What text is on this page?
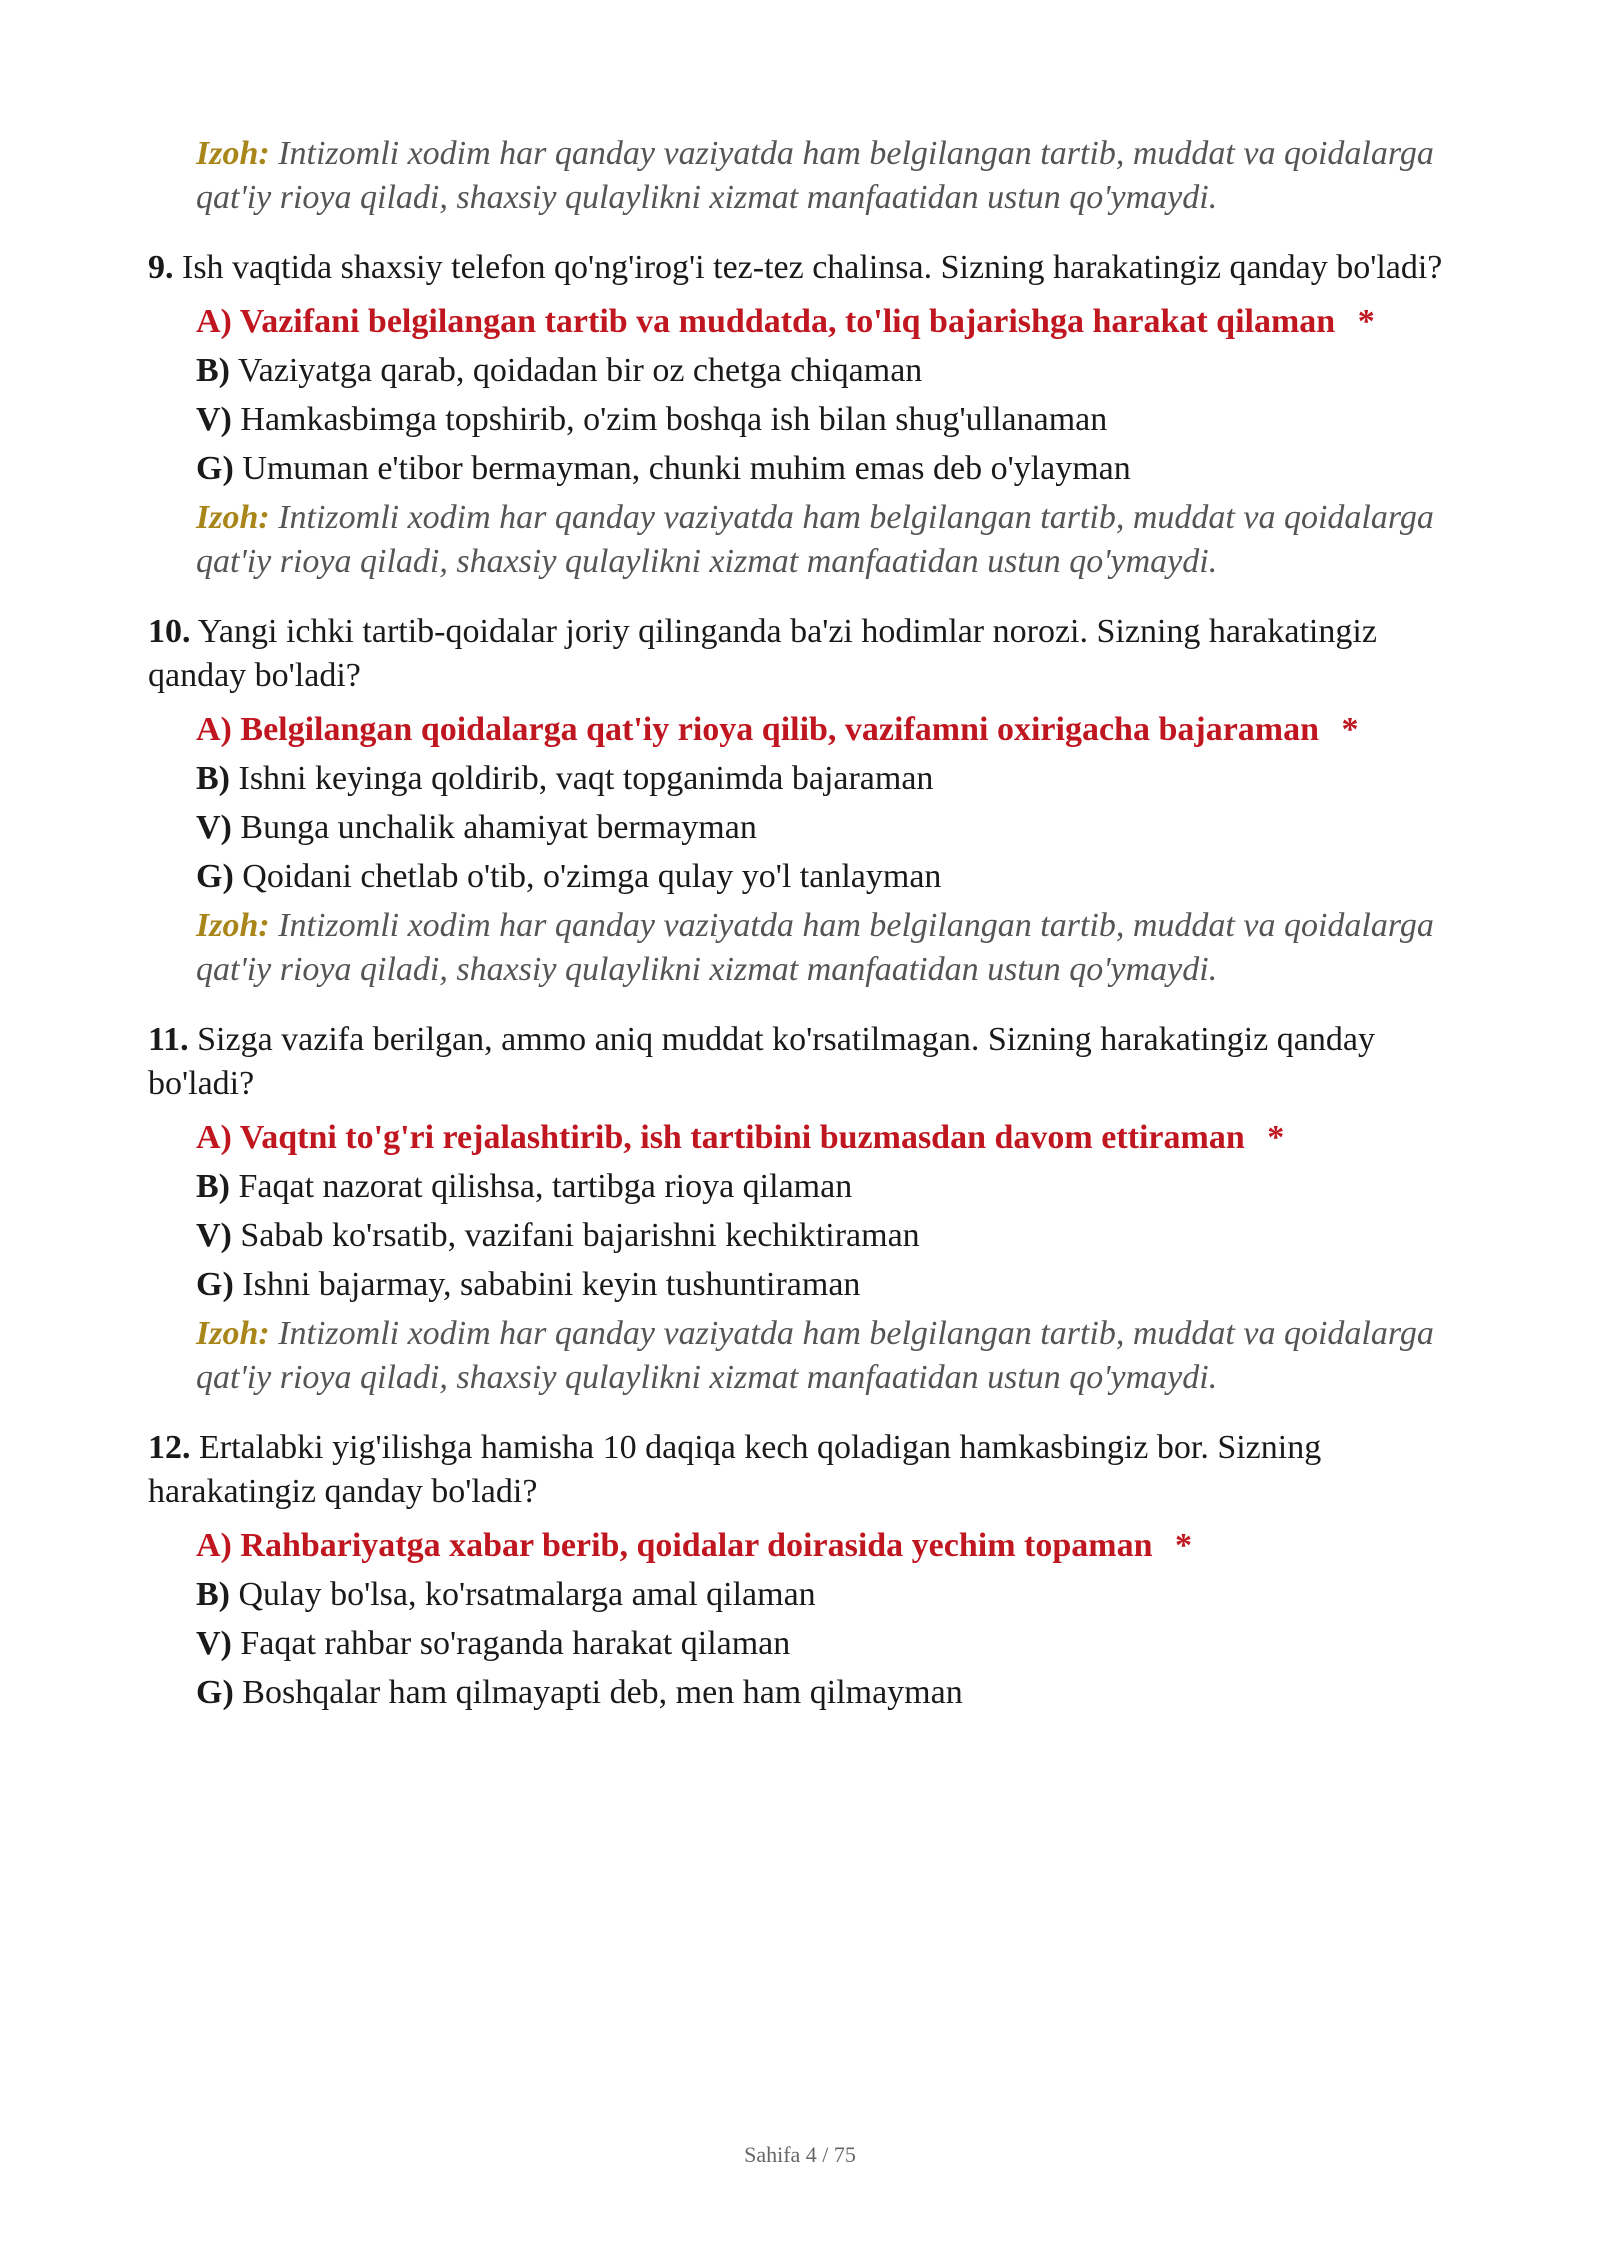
Izoh: Intizomli xodim har qanday vaziyatda ham belgilangan tartib, muddat va qoidalarga qat'iy rioya qiladi, shaxsiy qulaylikni xizmat manfaatidan ustun qo'ymaydi.
9. Ish vaqtida shaxsiy telefon qo'ng'irog'i tez-tez chalinsa. Sizning harakatingiz qanday bo'ladi?
A) Vazifani belgilangan tartib va muddatda, to'liq bajarishga harakat qilaman *
B) Vaziyatga qarab, qoidadan bir oz chetga chiqaman
V) Hamkasbimga topshirib, o'zim boshqa ish bilan shug'ullanaman
G) Umuman e'tibor bermayman, chunki muhim emas deb o'ylayman
Izoh: Intizomli xodim har qanday vaziyatda ham belgilangan tartib, muddat va qoidalarga qat'iy rioya qiladi, shaxsiy qulaylikni xizmat manfaatidan ustun qo'ymaydi.
10. Yangi ichki tartib-qoidalar joriy qilinganda ba'zi hodimlar norozi. Sizning harakatingiz qanday bo'ladi?
A) Belgilangan qoidalarga qat'iy rioya qilib, vazifamni oxirigacha bajaraman *
B) Ishni keyinga qoldirib, vaqt topganimda bajaraman
V) Bunga unchalik ahamiyat bermayman
G) Qoidani chetlab o'tib, o'zimga qulay yo'l tanlayman
Izoh: Intizomli xodim har qanday vaziyatda ham belgilangan tartib, muddat va qoidalarga qat'iy rioya qiladi, shaxsiy qulaylikni xizmat manfaatidan ustun qo'ymaydi.
11. Sizga vazifa berilgan, ammo aniq muddat ko'rsatilmagan. Sizning harakatingiz qanday bo'ladi?
A) Vaqtni to'g'ri rejalashtirib, ish tartibini buzmasdan davom ettiraman *
B) Faqat nazorat qilishsa, tartibga rioya qilaman
V) Sabab ko'rsatib, vazifani bajarishni kechiktiraman
G) Ishni bajarmay, sababini keyin tushuntiraman
Izoh: Intizomli xodim har qanday vaziyatda ham belgilangan tartib, muddat va qoidalarga qat'iy rioya qiladi, shaxsiy qulaylikni xizmat manfaatidan ustun qo'ymaydi.
12. Ertalabki yig'ilishga hamisha 10 daqiqa kech qoladigan hamkasbingiz bor. Sizning harakatingiz qanday bo'ladi?
A) Rahbariyatga xabar berib, qoidalar doirasida yechim topaman *
B) Qulay bo'lsa, ko'rsatmalarga amal qilaman
V) Faqat rahbar so'raganda harakat qilaman
G) Boshqalar ham qilmayapti deb, men ham qilmayman
Sahifa 4 / 75
